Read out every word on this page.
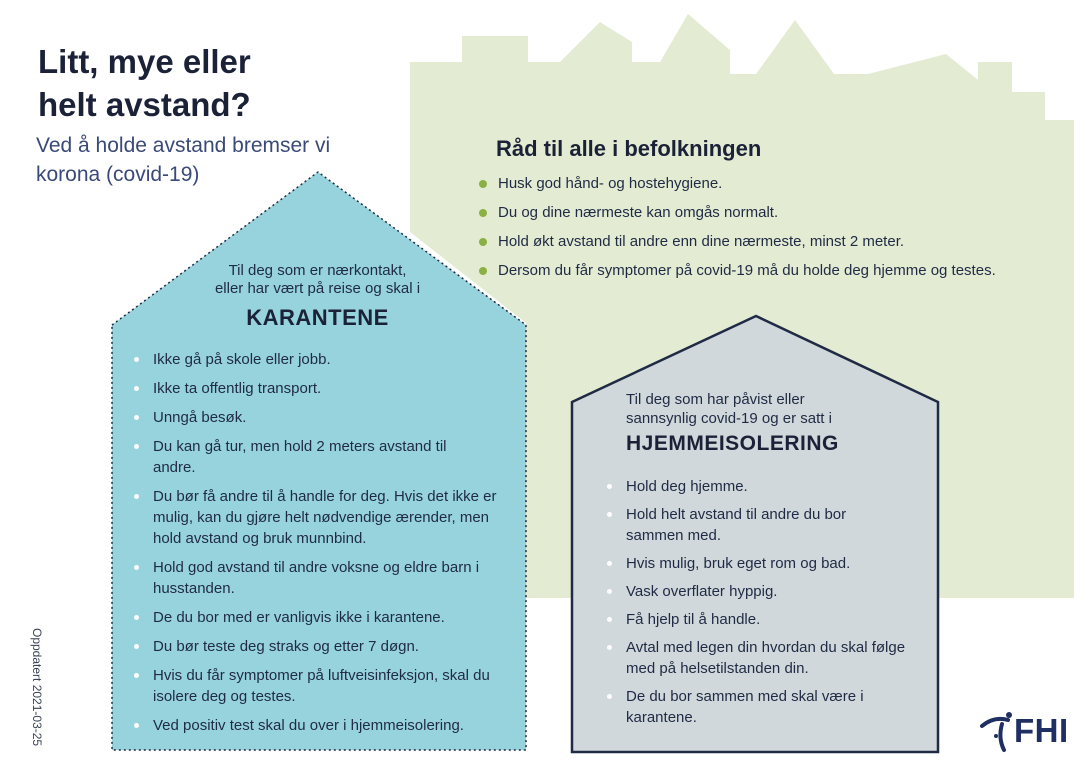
Litt, mye eller
helt avstand?

Ved å holde avstand bremser vi
korona (covid-19)

Råd til alle i befolkningen
Husk god hånd- og hostehygiene.
Du og dine nærmeste kan omgås normalt.
Hold økt avstand til andre enn dine nærmeste, minst 2 meter.
Dersom du får symptomer på covid-19 må du holde deg hjemme og testes.
Til deg som er nærkontakt,
eller har vært på reise og skal i
KARANTENE
Ikke gå på skole eller jobb.
Ikke ta offentlig transport.
Unngå besøk.
Du kan gå tur, men hold 2 meters avstand til andre.
Du bør få andre til å handle for deg. Hvis det ikke er mulig, kan du gjøre helt nødvendige ærender, men hold avstand og bruk munnbind.
Hold god avstand til andre voksne og eldre barn i husstanden.
De du bor med er vanligvis ikke i karantene.
Du bør teste deg straks og etter 7 døgn.
Hvis du får symptomer på luftveisinfeksjon, skal du isolere deg og testes.
Ved positiv test skal du over i hjemmeisolering.
Til deg som har påvist eller
sannsynlig covid-19 og er satt i
HJEMMEISOLERING
Hold deg hjemme.
Hold helt avstand til andre du bor sammen med.
Hvis mulig, bruk eget rom og bad.
Vask overflater hyppig.
Få hjelp til å handle.
Avtal med legen din hvordan du skal følge med på helsetilstanden din.
De du bor sammen med skal være i karantene.
Oppdatert 2021-03-25	FHI
